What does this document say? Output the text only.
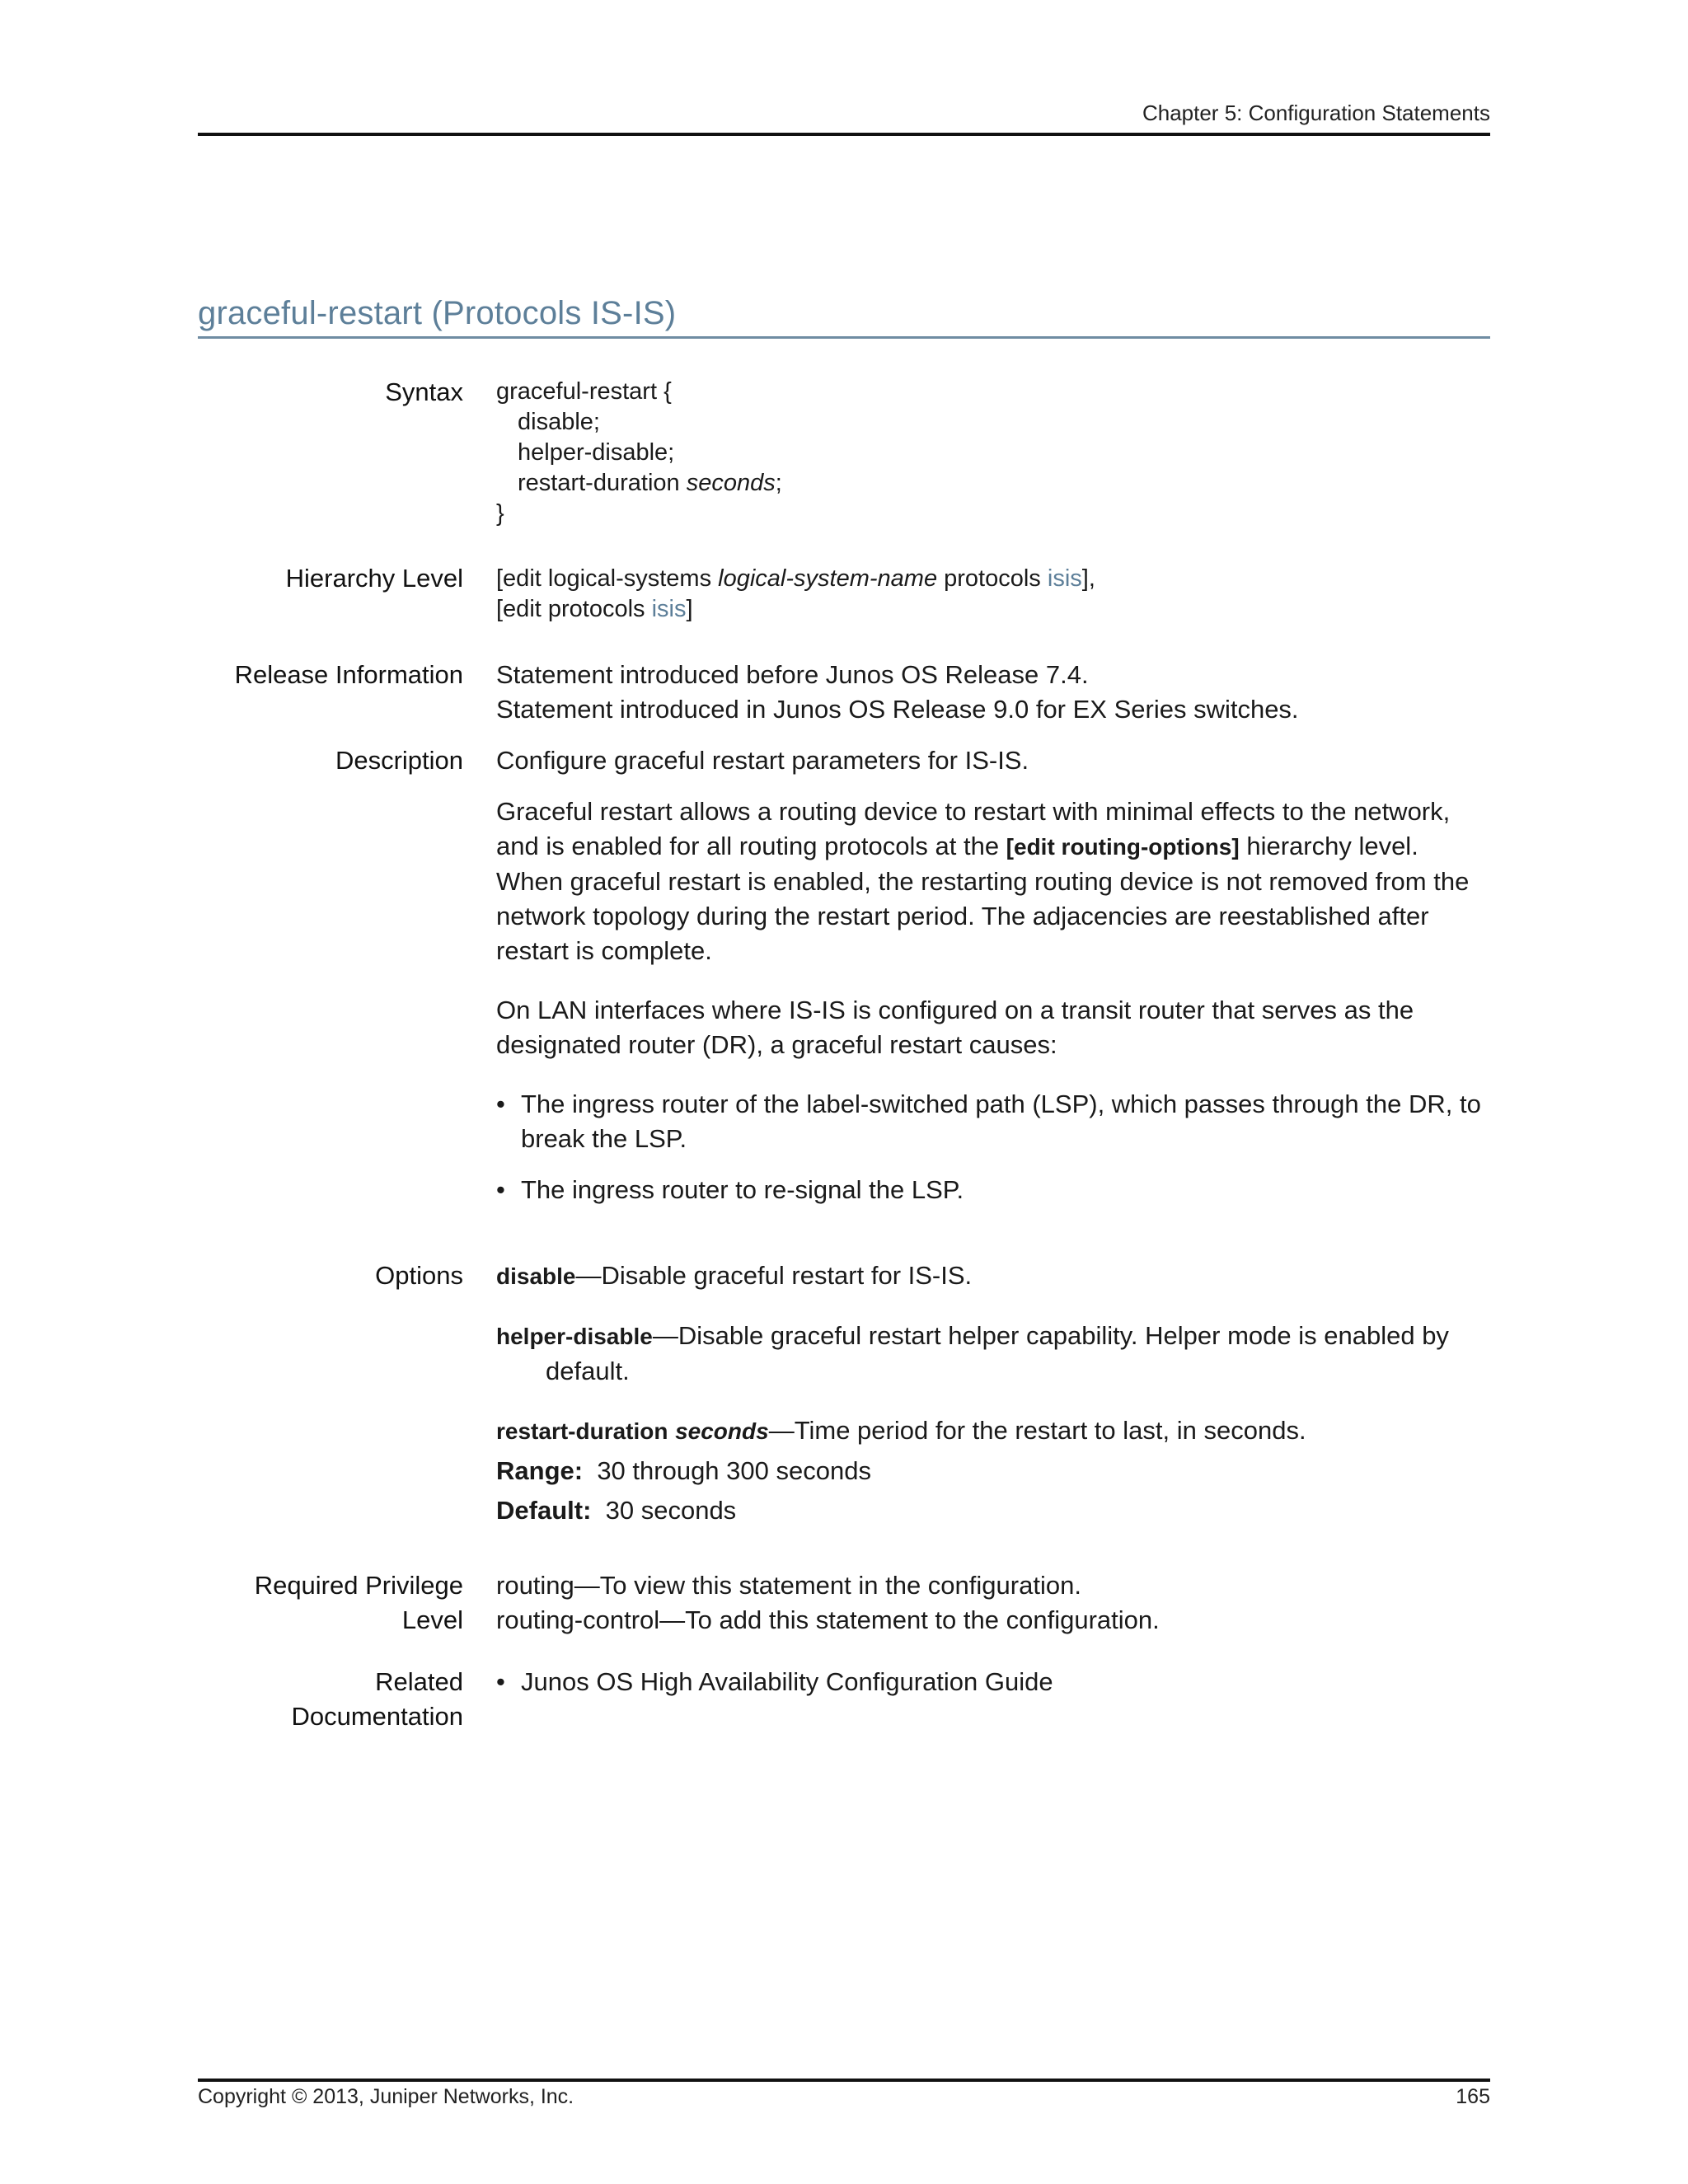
Chapter 5: Configuration Statements
graceful-restart (Protocols IS-IS)
Syntax graceful-restart {
disable;
helper-disable;
restart-duration seconds;
}
Hierarchy Level [edit logical-systems logical-system-name protocols isis],
[edit protocols isis]
Release Information Statement introduced before Junos OS Release 7.4.
Statement introduced in Junos OS Release 9.0 for EX Series switches.
Description Configure graceful restart parameters for IS-IS.
Graceful restart allows a routing device to restart with minimal effects to the network, and is enabled for all routing protocols at the [edit routing-options] hierarchy level. When graceful restart is enabled, the restarting routing device is not removed from the network topology during the restart period. The adjacencies are reestablished after restart is complete.
On LAN interfaces where IS-IS is configured on a transit router that serves as the designated router (DR), a graceful restart causes:
• The ingress router of the label-switched path (LSP), which passes through the DR, to break the LSP.
• The ingress router to re-signal the LSP.
Options disable—Disable graceful restart for IS-IS.
helper-disable—Disable graceful restart helper capability. Helper mode is enabled by default.
restart-duration seconds—Time period for the restart to last, in seconds.
Range: 30 through 300 seconds
Default: 30 seconds
Required Privilege
Level
routing—To view this statement in the configuration.
routing-control—To add this statement to the configuration.
Related
Documentation
• Junos OS High Availability Configuration Guide
Copyright © 2013, Juniper Networks, Inc.	165
